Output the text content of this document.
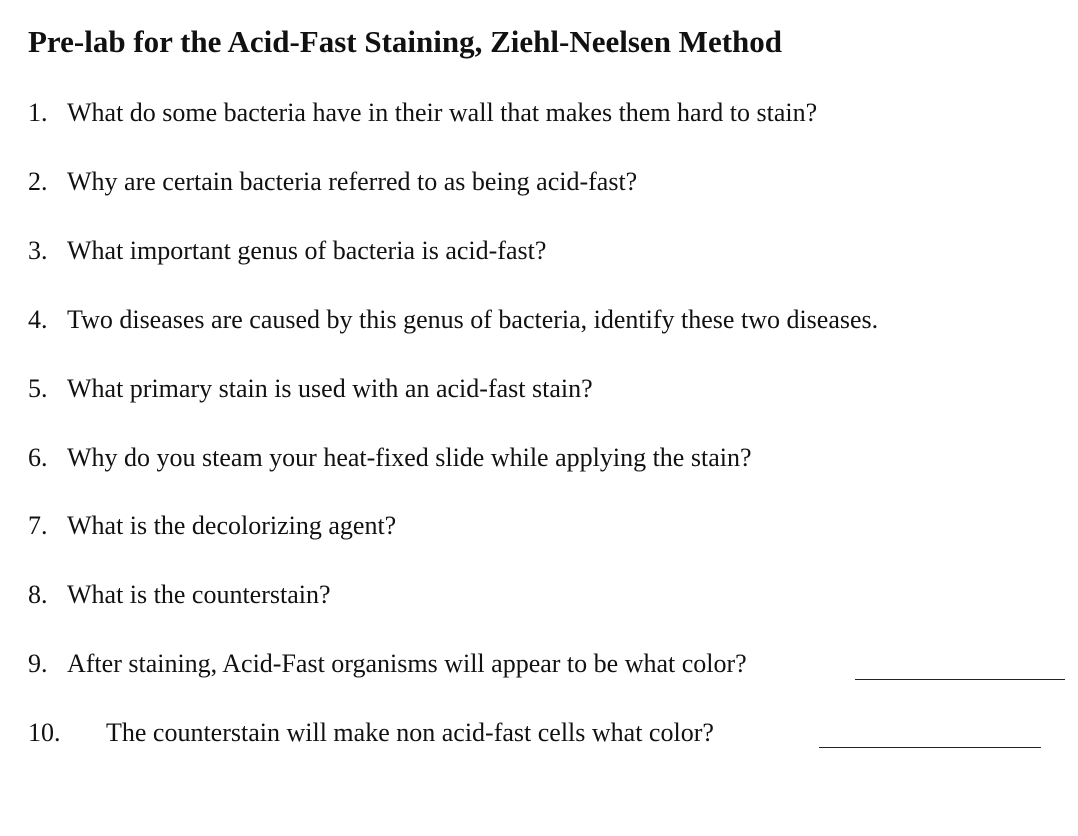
Pre-lab for the Acid-Fast Staining, Ziehl-Neelsen Method
1. What do some bacteria have in their wall that makes them hard to stain?
2. Why are certain bacteria referred to as being acid-fast?
3. What important genus of bacteria is acid-fast?
4. Two diseases are caused by this genus of bacteria, identify these two diseases.
5. What primary stain is used with an acid-fast stain?
6. Why do you steam your heat-fixed slide while applying the stain?
7. What is the decolorizing agent?
8. What is the counterstain?
9. After staining, Acid-Fast organisms will appear to be what color?
10. The counterstain will make non acid-fast cells what color?
